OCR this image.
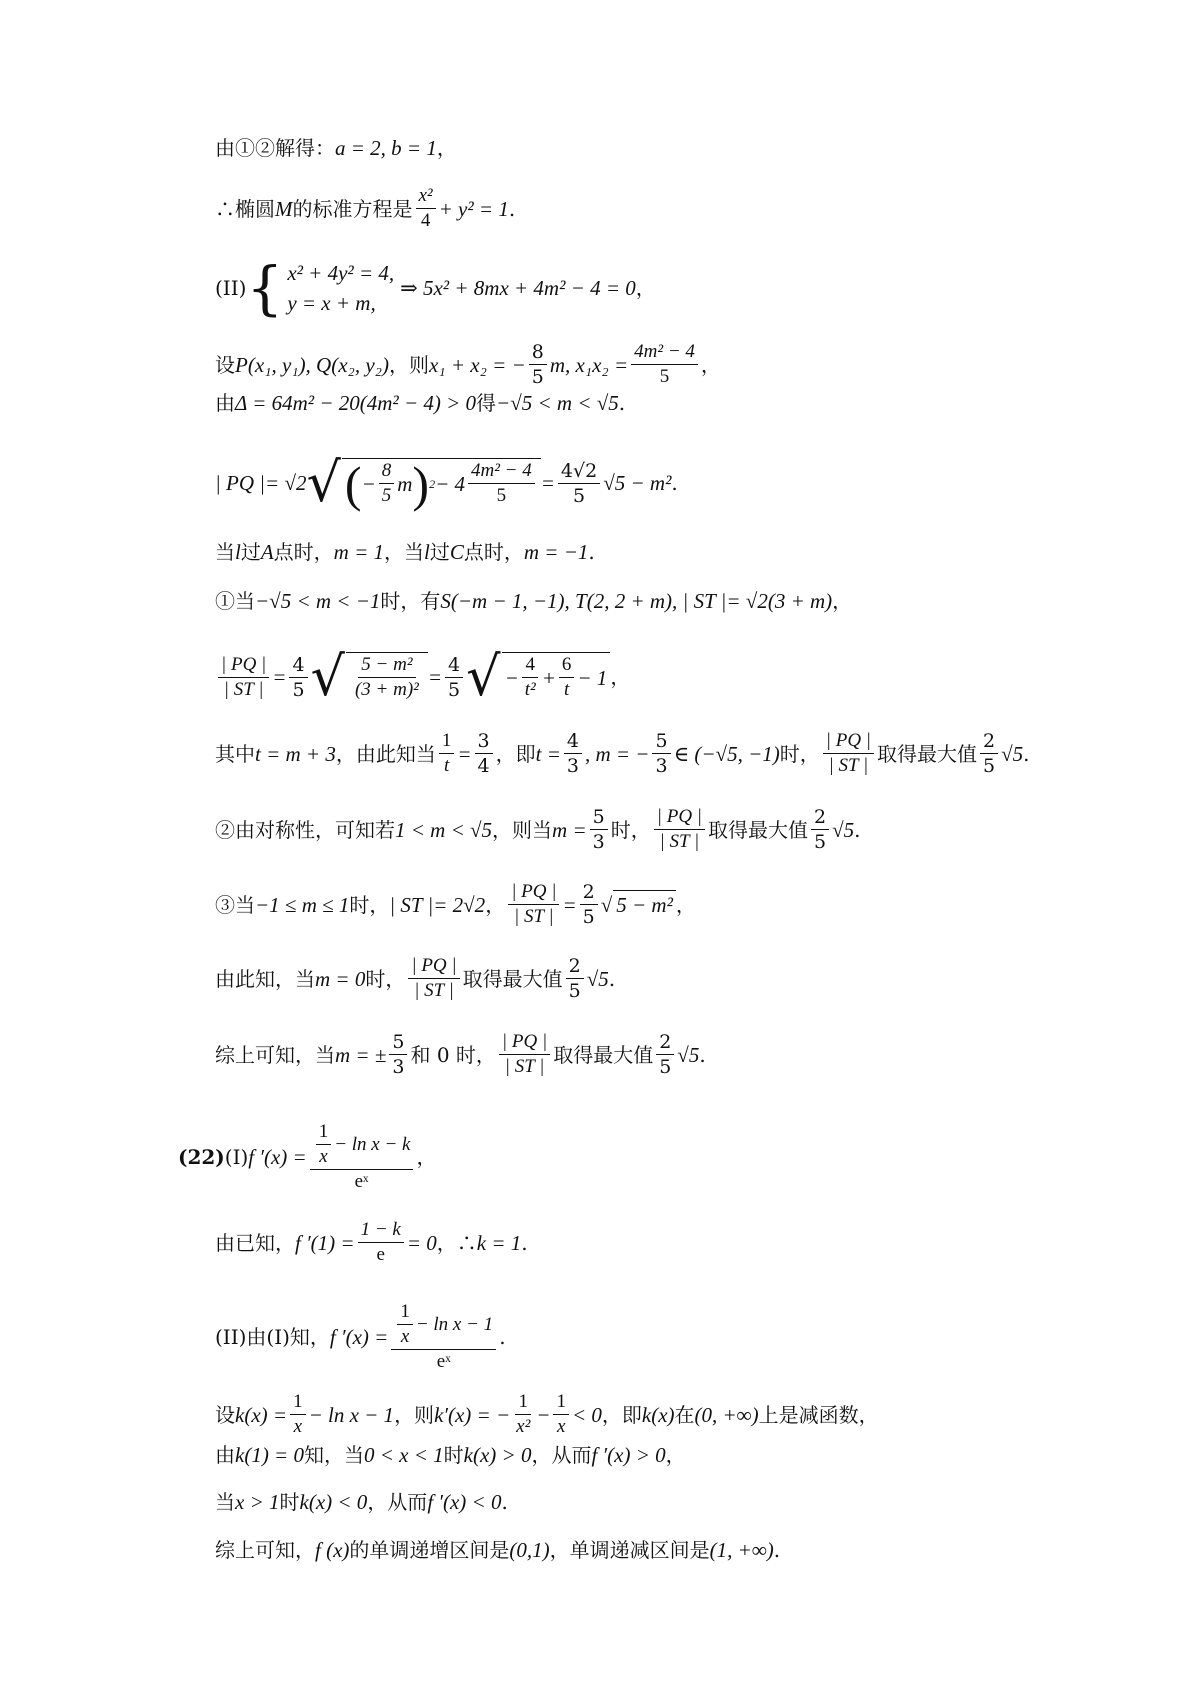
由①②解得： a = 2, b = 1 ，
∴椭圆 M 的标准方程是 $\frac{\text{x²}}{4} + y^2 = 1$ .
(II) { x² + 4y² = 4,
y = x + m,
⇒ 5x² + 8mx + 4m² − 4 = 0 ，
设 P(x₁, y₁), Q(x₂, y₂) ，则 x₁ + x₂ = − $\frac{8}{5} m$, $x_1x_2 = \frac{\text{4m² − 4}}{5}$ ，
由 Δ = 64m² − 20(4m² − 4) > 0 得 −√5 < m < √5 .
| PQ |= √2 √ ( − $\frac{8}{5}$ m ) $2 - 4 \frac{\text{4m² − 4}}{5} = \frac{4√2}{5} √5 - m^2$ .
当 l 过 A 点时， m = 1 ，当 l 过 C 点时， m = −1 .
①当 −√5 < m < −1 时，有 S(−m − 1, −1), T(2, 2 + m), | ST |= √2(3 + m) ，
$\frac{| PQ |}{| ST |} = \frac{4}{5}$ √ $\frac{\text{5 − m²}}{\text{(3 + m)²}} = \frac{4}{5}$ √ − $\frac{4}{\text{t²}} + \frac{6}{t} - 1$ ，
其中 t = m + 3 ，由此知当 $\frac{1}{t} = \frac{3}{4}$ ，即 $t = \frac{4}{3}$ , m = − $\frac{5}{3}$ ∈ (−√5, −1) 时， $\frac{| PQ |}{| ST |}$ 取得最大值 $\frac{2}{5} √5$ .
②由对称性，可知若 1 < m < √5 ，则当 $m = \frac{5}{3}$ 时， $\frac{| PQ |}{| ST |}$ 取得最大值 $\frac{2}{5} √5$ .
③当 −1 ≤ m ≤ 1 时， | ST |= 2√2 ， $\frac{| PQ |}{| ST |} = \frac{2}{5}$ √ 5 − m² ，
由此知，当 m = 0 时， $\frac{| PQ |}{| ST |}$ 取得最大值 $\frac{2}{5} √5$ .
综上可知，当 m = ± $\frac{5}{3}$ 和 0 时， $\frac{| PQ |}{| ST |}$ 取得最大值 $\frac{2}{5} √5$ .
(22) (I) f $'(x) = \frac{\frac{1}{x} - \ln x - k}{\text{eˣ}}$ ，
由已知， f $'(1) = \frac{1 - k}{e} = 0$ ，∴ k = 1 .
(II)由(I)知， f $'(x) = \frac{\frac{1}{x} - \ln x - 1}{\text{eˣ}}$ .
设 $k(x) = \frac{1}{x} - \ln x - 1$ ，则 k′(x) = − $\frac{1}{\text{x²}} - \frac{1}{x} < 0$ ，即 k(x) 在 (0, +∞) 上是减函数，
由 k(1) = 0 知，当 0 < x < 1 时 k(x) > 0 ，从而 f ′(x) > 0 ，
当 x > 1 时 k(x) < 0 ，从而 f ′(x) < 0 .
综上可知， f (x) 的单调递增区间是 (0,1) ，单调递减区间是 (1, +∞) .
